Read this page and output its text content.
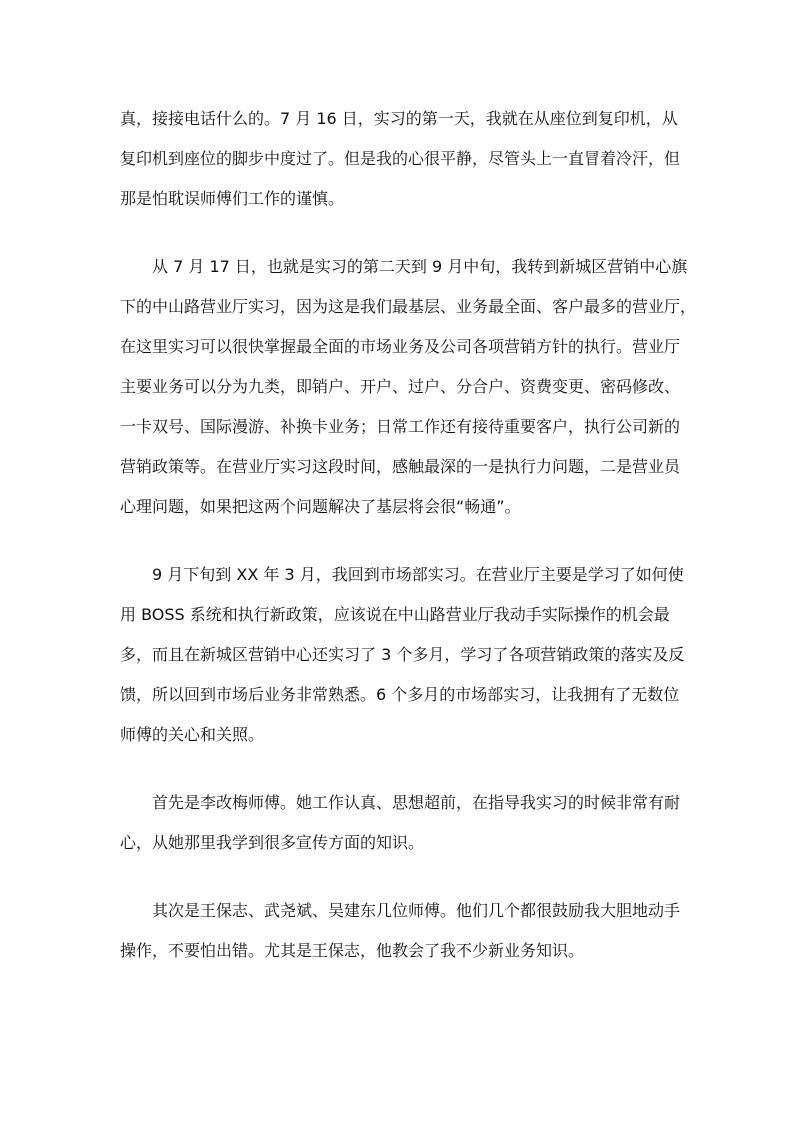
真，接接电话什么的。7 月 16 日，实习的第一天，我就在从座位到复印机，从
复印机到座位的脚步中度过了。但是我的心很平静，尽管头上一直冒着冷汗，但
那是怕耽误师傅们工作的谨慎。

从 7 月 17 日，也就是实习的第二天到 9 月中旬，我转到新城区营销中心旗
下的中山路营业厅实习，因为这是我们最基层、业务最全面、客户最多的营业厅，
在这里实习可以很快掌握最全面的市场业务及公司各项营销方针的执行。营业厅
主要业务可以分为九类，即销户、开户、过户、分合户、资费变更、密码修改、
一卡双号、国际漫游、补换卡业务；日常工作还有接待重要客户，执行公司新的
营销政策等。在营业厅实习这段时间，感触最深的一是执行力问题，二是营业员
心理问题，如果把这两个问题解决了基层将会很“畅通”。

9 月下旬到 XX 年 3 月，我回到市场部实习。在营业厅主要是学习了如何使
用 BOSS 系统和执行新政策，应该说在中山路营业厅我动手实际操作的机会最
多，而且在新城区营销中心还实习了 3 个多月，学习了各项营销政策的落实及反
馈，所以回到市场后业务非常熟悉。6 个多月的市场部实习，让我拥有了无数位
师傅的关心和关照。

首先是李改梅师傅。她工作认真、思想超前，在指导我实习的时候非常有耐
心，从她那里我学到很多宣传方面的知识。

其次是王保志、武尧斌、吴建东几位师傅。他们几个都很鼓励我大胆地动手
操作，不要怕出错。尤其是王保志，他教会了我不少新业务知识。
